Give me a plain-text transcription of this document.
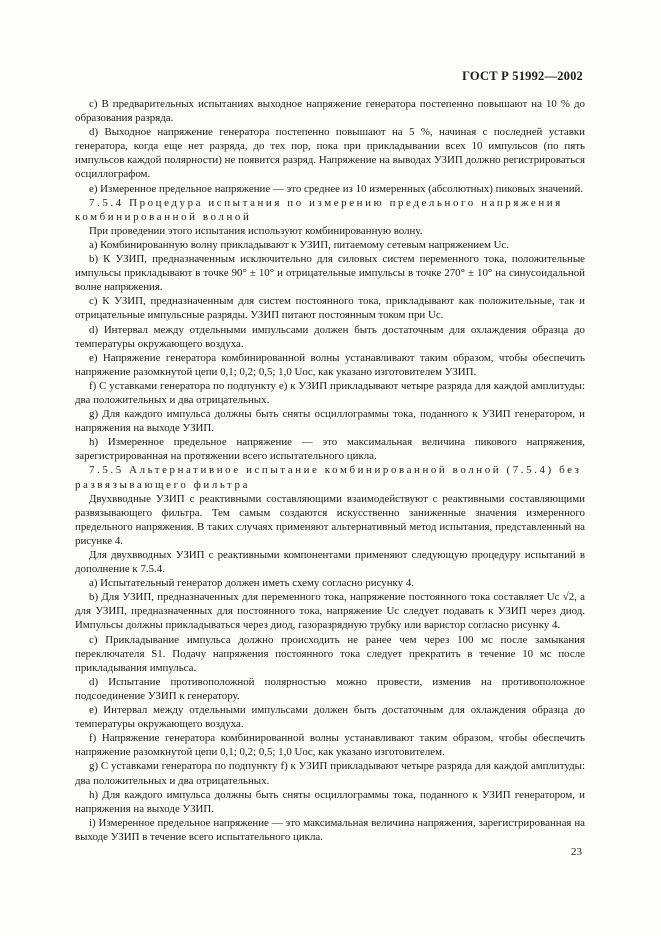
ГОСТ Р 51992—2002

c) В предварительных испытаниях выходное напряжение генератора постепенно повышают на 10 % до образования разряда.

d) Выходное напряжение генератора постепенно повышают на 5 %, начиная с последней уставки генератора, когда еще нет разряда, до тех пор, пока при прикладывании всех 10 импульсов (по пять импульсов каждой полярности) не появится разряд. Напряжение на выводах УЗИП должно регистрироваться осциллографом.

е) Измеренное предельное напряжение — это среднее из 10 измеренных (абсолютных) пиковых значений.

7.5.4 Процедура испытания по измерению предельного напряжения комбинированной волной

При проведении этого испытания используют комбинированную волну.

a) Комбинированную волну прикладывают к УЗИП, питаемому сетевым напряжением Uc.

b) К УЗИП, предназначенным исключительно для силовых систем переменного тока, положительные импульсы прикладывают в точке 90° ± 10° и отрицательные импульсы в точке 270° ± 10° на синусоидальной волне напряжения.

c) К УЗИП, предназначенным для систем постоянного тока, прикладывают как положительные, так и отрицательные импульсные разряды. УЗИП питают постоянным током при Uc.

d) Интервал между отдельными импульсами должен быть достаточным для охлаждения образца до температуры окружающего воздуха.

e) Напряжение генератора комбинированной волны устанавливают таким образом, чтобы обеспечить напряжение разомкнутой цепи 0,1; 0,2; 0,5; 1,0 Uoc, как указано изготовителем УЗИП.

f) С уставками генератора по подпункту е) к УЗИП прикладывают четыре разряда для каждой амплитуды: два положительных и два отрицательных.

g) Для каждого импульса должны быть сняты осциллограммы тока, поданного к УЗИП генератором, и напряжения на выходе УЗИП.

h) Измеренное предельное напряжение — это максимальная величина пикового напряжения, зарегистрированная на протяжении всего испытательного цикла.

7.5.5 Альтернативное испытание комбинированной волной (7.5.4) без развязывающего фильтра

Двухвводные УЗИП с реактивными составляющими взаимодействуют с реактивными составляющими развязывающего фильтра. Тем самым создаются искусственно заниженные значения измеренного предельного напряжения. В таких случаях применяют альтернативный метод испытания, представленный на рисунке 4.

Для двухвводных УЗИП с реактивными компонентами применяют следующую процедуру испытаний в дополнение к 7.5.4.

a) Испытательный генератор должен иметь схему согласно рисунку 4.

b) Для УЗИП, предназначенных для переменного тока, напряжение постоянного тока составляет Uc √2, а для УЗИП, предназначенных для постоянного тока, напряжение Uc следует подавать к УЗИП через диод. Импульсы должны прикладываться через диод, газоразрядную трубку или варистор согласно рисунку 4.

c) Прикладывание импульса должно происходить не ранее чем через 100 мс после замыкания переключателя S1. Подачу напряжения постоянного тока следует прекратить в течение 10 мс после прикладывания импульса.

d) Испытание противоположной полярностью можно провести, изменив на противоположное подсоединение УЗИП к генератору.

e) Интервал между отдельными импульсами должен быть достаточным для охлаждения образца до температуры окружающего воздуха.

f) Напряжение генератора комбинированной волны устанавливают таким образом, чтобы обеспечить напряжение разомкнутой цепи 0,1; 0,2; 0,5; 1,0 Uoc, как указано изготовителем.

g) С уставками генератора по подпункту f) к УЗИП прикладывают четыре разряда для каждой амплитуды: два положительных и два отрицательных.

h) Для каждого импульса должны быть сняты осциллограммы тока, поданного к УЗИП генератором, и напряжения на выходе УЗИП.

i) Измеренное предельное напряжение — это максимальная величина напряжения, зарегистрированная на выходе УЗИП в течение всего испытательного цикла.

23
